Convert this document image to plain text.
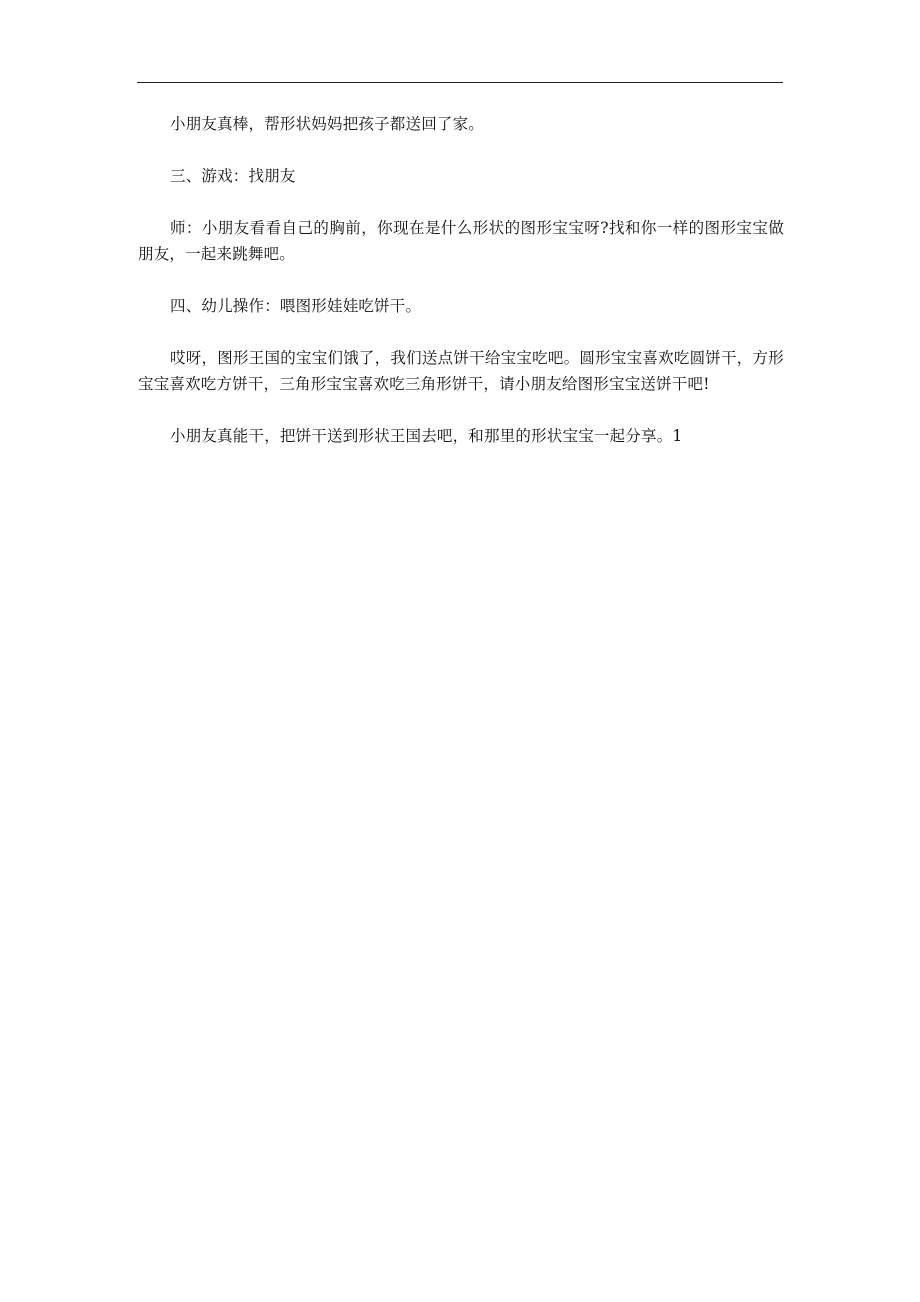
小朋友真棒，帮形状妈妈把孩子都送回了家。

三、游戏：找朋友

师：小朋友看看自己的胸前，你现在是什么形状的图形宝宝呀?找和你一样的图形宝宝做朋友，一起来跳舞吧。

四、幼儿操作：喂图形娃娃吃饼干。

哎呀，图形王国的宝宝们饿了，我们送点饼干给宝宝吃吧。圆形宝宝喜欢吃圆饼干，方形宝宝喜欢吃方饼干，三角形宝宝喜欢吃三角形饼干，请小朋友给图形宝宝送饼干吧!

小朋友真能干，把饼干送到形状王国去吧，和那里的形状宝宝一起分享。1
